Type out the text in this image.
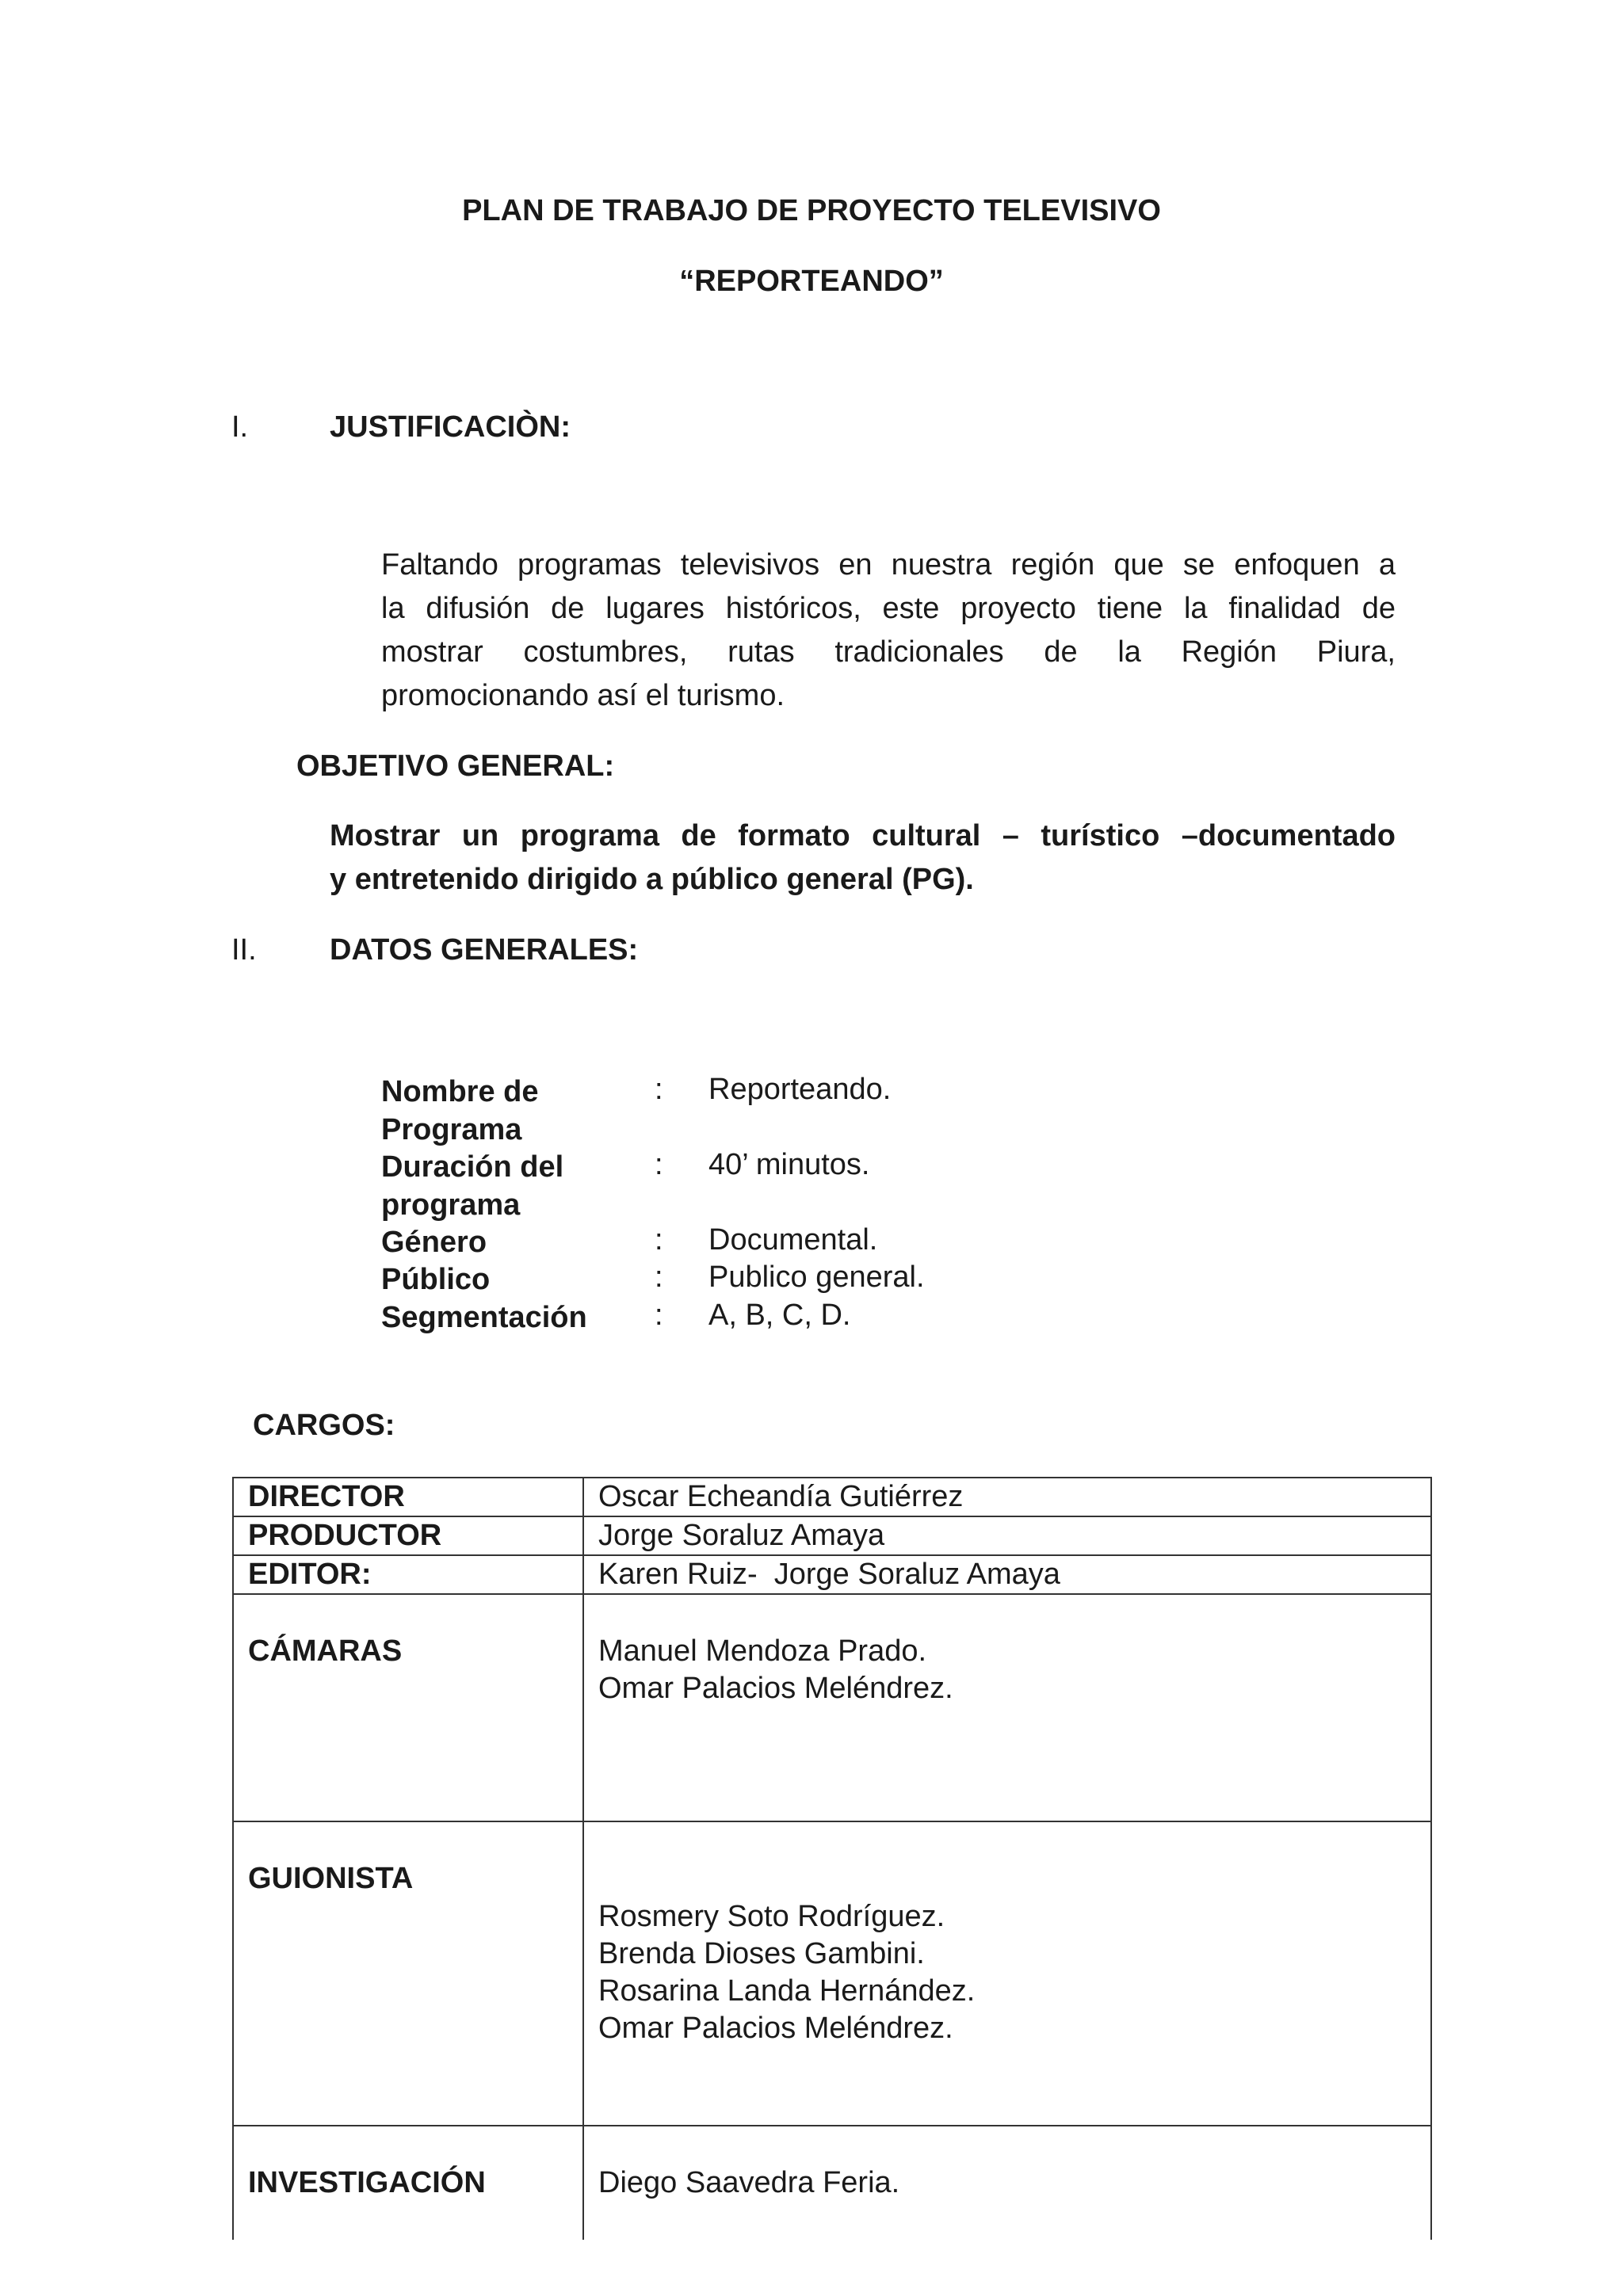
PLAN DE TRABAJO DE PROYECTO TELEVISIVO
“REPORTEANDO”
I.	JUSTIFICACIÒN:
Faltando programas televisivos en nuestra región que se enfoquen a
la difusión de lugares históricos, este proyecto tiene la finalidad de
mostrar costumbres, rutas tradicionales de la Región Piura,
promocionando así el turismo.
OBJETIVO GENERAL:
Mostrar un programa de formato cultural – turístico –documentado
y entretenido dirigido a público general (PG).
II. DATOS GENERALES:
Nombre de
Programa
: Reporteando.
Duración del
programa
: 40’ minutos.
Género	: Documental.
Público	: Publico general.
Segmentación : A, B, C, D.
CARGOS:
DIRECTOR	Oscar Echeandía Gutiérrez

PRODUCTOR	Jorge Soraluz Amaya

EDITOR:	Karen Ruiz-  Jorge Soraluz Amaya

CÁMARAS	Manuel Mendoza Prado.
Omar Palacios Meléndrez.

GUIONISTA	Rosmery Soto Rodríguez.
Brenda Dioses Gambini.
Rosarina Landa Hernández.
Omar Palacios Meléndrez.

INVESTIGACIÓN	Diego Saavedra Feria.
